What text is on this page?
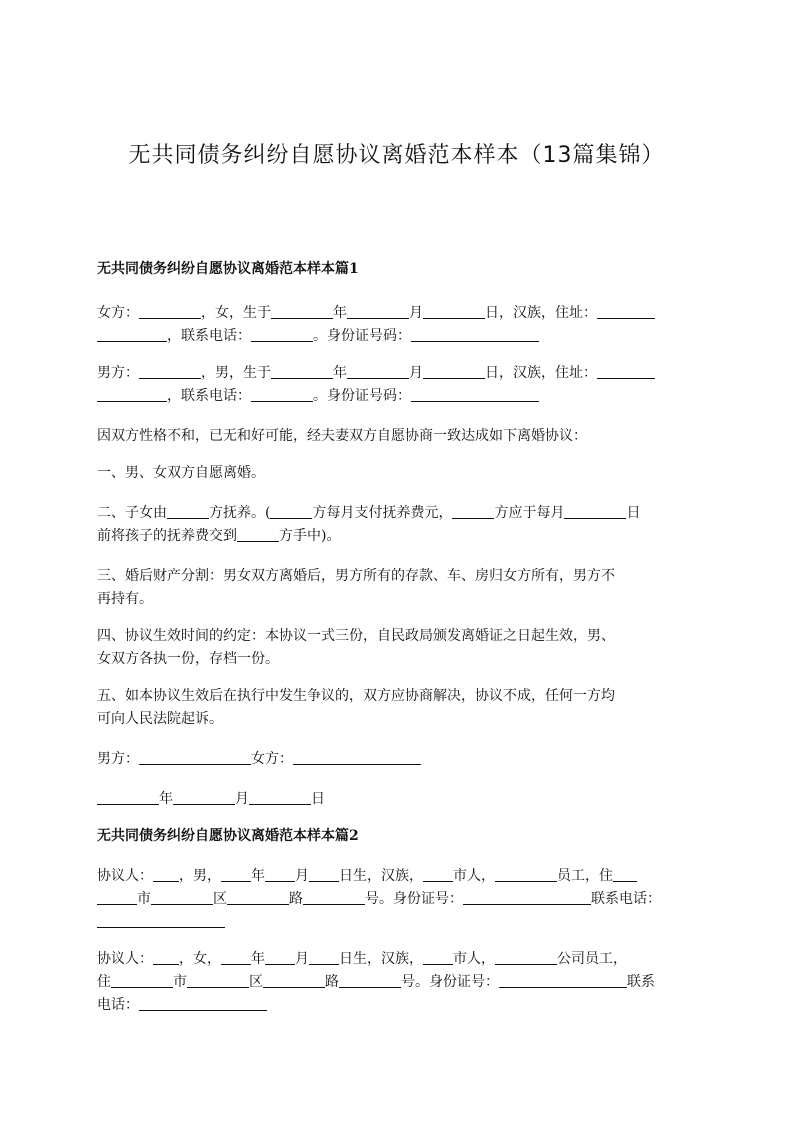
无共同债务纠纷自愿协议离婚范本样本（13篇集锦）
无共同债务纠纷自愿协议离婚范本样本篇1
女方：	，女，生于	年	月	日，汉族，住址：
，联系电话：	。身份证号码：
男方：	，男，生于	年	月	日，汉族，住址：
，联系电话：	。身份证号码：
因双方性格不和，已无和好可能，经夫妻双方自愿协商一致达成如下离婚协议：
一、男、女双方自愿离婚。
二、子女由	方抚养。(	方每月支付抚养费元，	方应于每月	日
前将孩子的抚养费交到	方手中)。
三、婚后财产分割：男女双方离婚后，男方所有的存款、车、房归女方所有，男方不
再持有。
四、协议生效时间的约定：本协议一式三份，自民政局颁发离婚证之日起生效，男、
女双方各执一份，存档一份。
五、如本协议生效后在执行中发生争议的，双方应协商解决，协议不成，任何一方均
可向人民法院起诉。
男方：	女方：
年	月	日
无共同债务纠纷自愿协议离婚范本样本篇2
协议人： ，男， 年 月 日生，汉族， 市人，	员工，住
市	区	路	号。身份证号：	联系电话：
协议人： ，女， 年 月 日生，汉族， 市人，	公司员工，
住	市	区	路	号。身份证号：	联系
电话：
